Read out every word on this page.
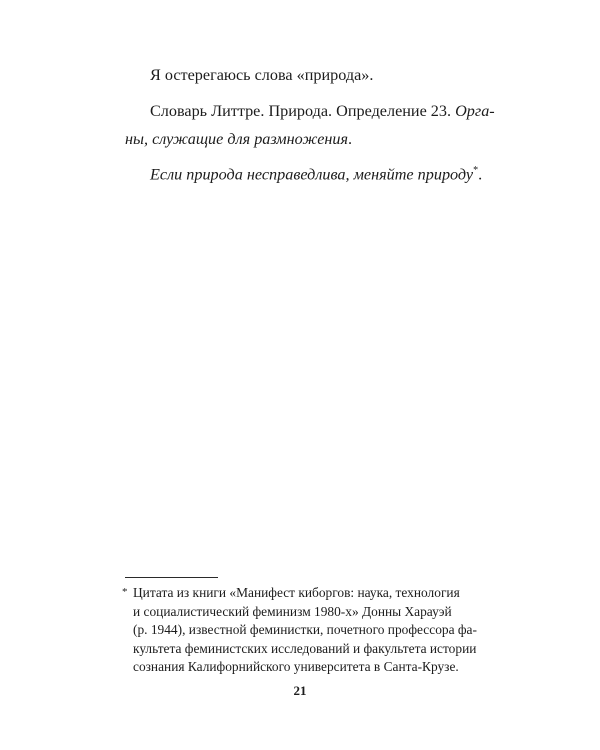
Я остерегаюсь слова «природа».

Словарь Литтре. Природа. Определение 23. Орга-
ны, служащие для размножения.
Если природа несправедлива, меняйте природу*.
* Цитата из книги «Манифест киборгов: наука, технология
и социалистический феминизм 1980-х» Донны Харауэй
(р. 1944), известной феминистки, почетного профессора фа-
культета феминистских исследований и факультета истории
сознания Калифорнийского университета в Санта-Крузе.
21
